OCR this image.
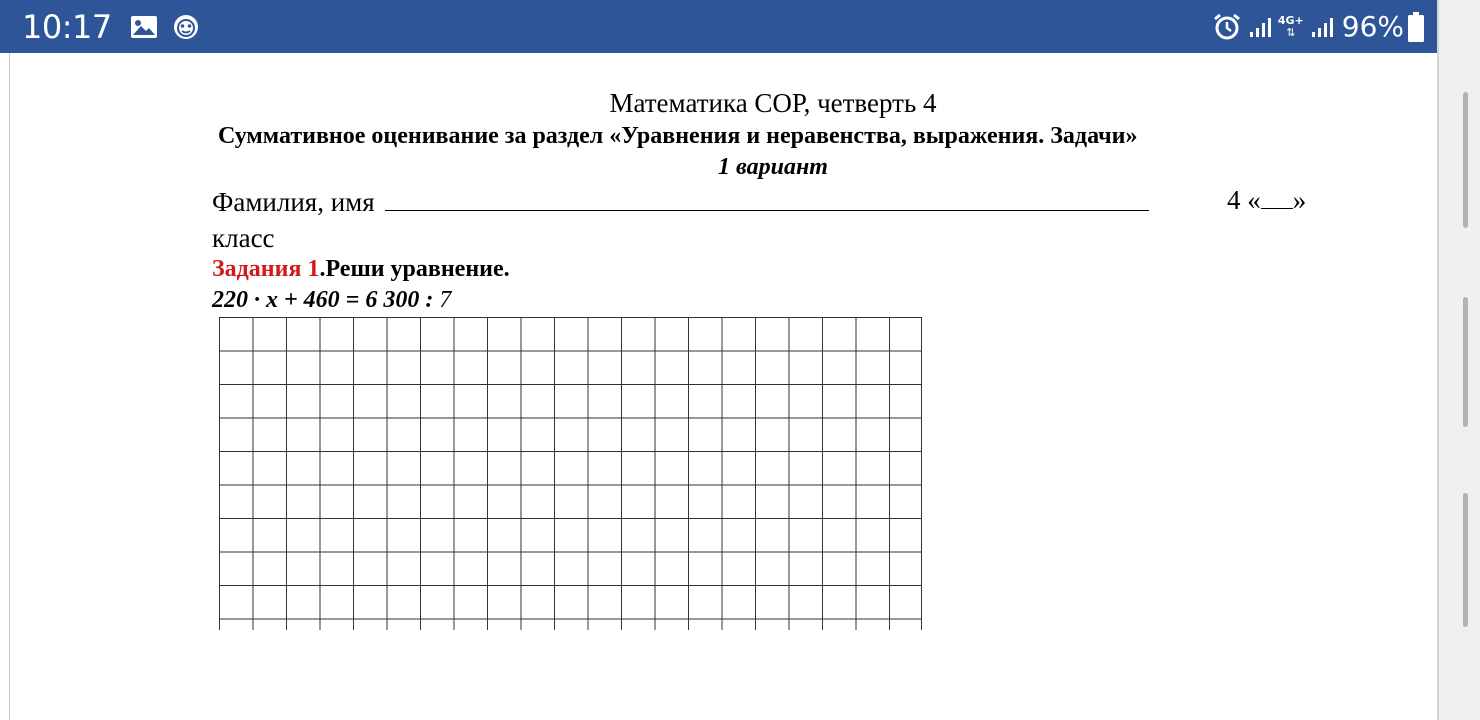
10:17	4G+
⇅ 96%
Математика СОР, четверть 4
Суммативное оценивание за раздел «Уравнения и неравенства, выражения. Задачи»
1 вариант
Фамилия, имя	4 « »
класс
Задания 1.Реши уравнение.
220 · x + 460 = 6 300 : 7
